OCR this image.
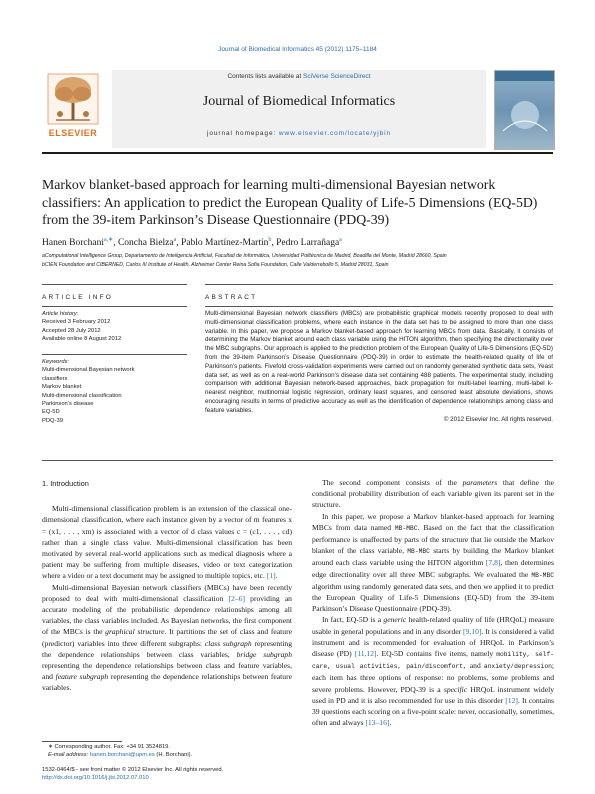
Journal of Biomedical Informatics 45 (2012) 1175–1184
ELSEVIER
Contents lists available at SciVerse ScienceDirect
Journal of Biomedical Informatics
journal homepage: www.elsevier.com/locate/yjbin
Markov blanket-based approach for learning multi-dimensional Bayesian network classifiers: An application to predict the European Quality of Life-5 Dimensions (EQ-5D) from the 39-item Parkinson’s Disease Questionnaire (PDQ-39)
Hanen Borchani$^{a,∗}$, Concha Bielza$^a$, Pablo Martínez-Martín$^b$, Pedro Larrañaga$^a$
aComputational Intelligence Group, Departamento de Inteligencia Artificial, Facultad de Informática, Universidad Politécnica de Madrid, Boadilla del Monte, Madrid 28660, Spain
bCIEN Foundation and CIBERNED, Carlos III Institute of Health, Alzheimer Center Reina Sofia Foundation, Calle Valderrebollo 5, Madrid 28031, Spain
ARTICLE INFO
Article history:
Received 3 February 2012
Accepted 28 July 2012
Available online 8 August 2012
Keywords:
Multi-dimensional Bayesian network
classifiers
Markov blanket
Multi-dimensional classification
Parkinson’s disease
EQ-5D
PDQ-39
ABSTRACT
Multi-dimensional Bayesian network classifiers (MBCs) are probabilistic graphical models recently proposed to deal with multi-dimensional classification problems, where each instance in the data set has to be assigned to more than one class variable. In this paper, we propose a Markov blanket-based approach for learning MBCs from data. Basically, it consists of determining the Markov blanket around each class variable using the HITON algorithm, then specifying the directionality over the MBC subgraphs. Our approach is applied to the prediction problem of the European Quality of Life-5 Dimensions (EQ-5D) from the 39-item Parkinson’s Disease Questionnaire (PDQ-39) in order to estimate the health-related quality of life of Parkinson’s patients. Fivefold cross-validation experiments were carried out on randomly generated synthetic data sets, Yeast data set, as well as on a real-world Parkinson’s disease data set containing 488 patients. The experimental study, including comparison with additional Bayesian network-based approaches, back propagation for multi-label learning, multi-label k-nearest neighbor, multinomial logistic regression, ordinary least squares, and censored least absolute deviations, shows encouraging results in terms of predictive accuracy as well as the identification of dependence relationships among class and feature variables.
© 2012 Elsevier Inc. All rights reserved.
1. Introduction

Multi-dimensional classification problem is an extension of the classical one-dimensional classification, where each instance given by a vector of m features x = (x1, . . . , xm) is associated with a vector of d class values c = (c1, . . . , cd) rather than a single class value. Multi-dimensional classification has been motivated by several real-world applications such as medical diagnosis where a patient may be suffering from multiple diseases, video or text categorization where a video or a text document may be assigned to multiple topics, etc. [1].

Multi-dimensional Bayesian network classifiers (MBCs) have been recently proposed to deal with multi-dimensional classification [2–6] providing an accurate modeling of the probabilistic dependence relationships among all variables, the class variables included. As Bayesian networks, the first component of the MBCs is the graphical structure. It partitions the set of class and feature (predictor) variables into three different subgraphs: class subgraph representing the dependence relationships between class variables, bridge subgraph representing the dependence relationships between class and feature variables, and feature subgraph representing the dependence relationships between feature variables.

The second component consists of the parameters that define the conditional probability distribution of each variable given its parent set in the structure.

In this paper, we propose a Markov blanket-based approach for learning MBCs from data named MB-MBC. Based on the fact that the classification performance is unaffected by parts of the structure that lie outside the Markov blanket of the class variable, MB-MBC starts by building the Markov blanket around each class variable using the HITON algorithm [7,8], then determines edge directionality over all three MBC subgraphs. We evaluated the MB-MBC algorithm using randomly generated data sets, and then we applied it to predict the European Quality of Life-5 Dimensions (EQ-5D) from the 39-item Parkinson’s Disease Questionnaire (PDQ-39).

In fact, EQ-5D is a generic health-related quality of life (HRQoL) measure usable in general populations and in any disorder [9,10]. It is considered a valid instrument and is recommended for evaluation of HRQoL in Parkinson’s disease (PD) [11,12]. EQ-5D contains five items, namely mobility, self-care, usual activities, pain/discomfort, and anxiety/depression; each item has three options of response: no problems, some problems and severe problems. However, PDQ-39 is a specific HRQoL instrument widely used in PD and it is also recommended for use in this disorder [12]. It contains 39 questions each scoring on a five-point scale: never, occasionally, sometimes, often and always [13–16].

∗ Corresponding author. Fax: +34 91 3524819.
E-mail address: hanen.borchani@upm.es (H. Borchani).
1532-0464/$ - see front matter © 2012 Elsevier Inc. All rights reserved.
http://dx.doi.org/10.1016/j.jbi.2012.07.010
